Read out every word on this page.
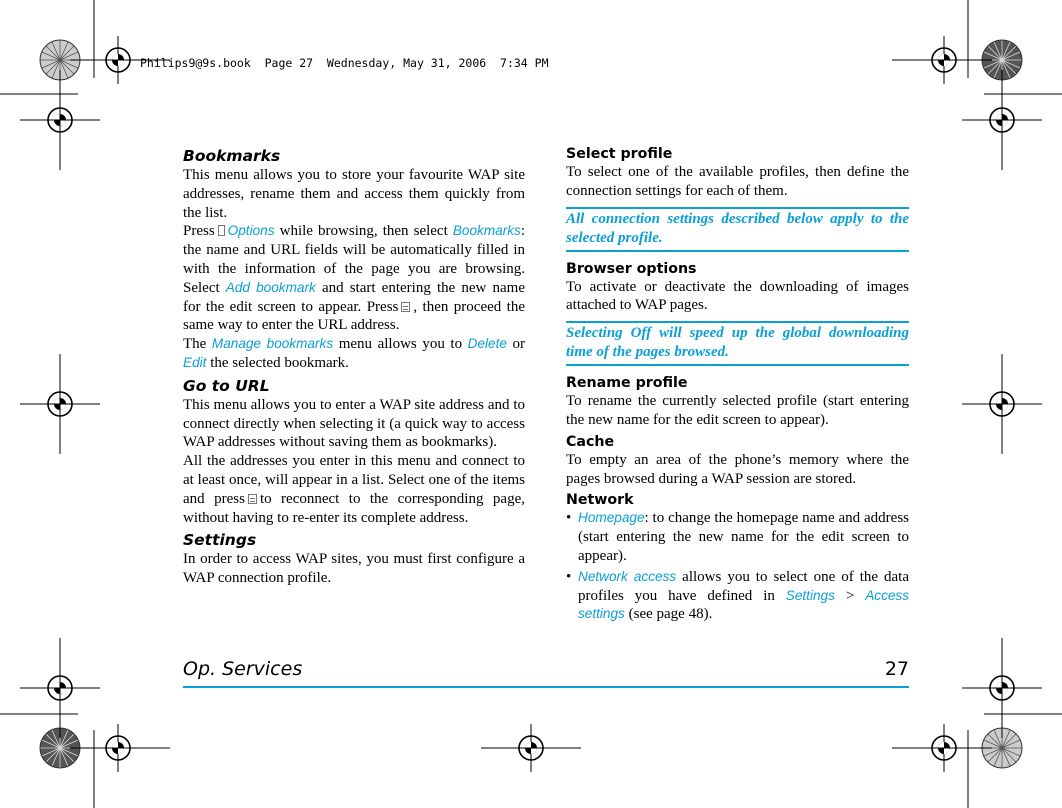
Philips9@9s.book  Page 27  Wednesday, May 31, 2006  7:34 PM

Bookmarks

This menu allows you to store your favourite WAP site addresses, rename them and access them quickly from the list.

Press Options while browsing, then select Bookmarks: the name and URL fields will be automatically filled in with the information of the page you are browsing. Select Add bookmark and start entering the new name for the edit screen to appear. Press , then proceed the same way to enter the URL address.

The Manage bookmarks menu allows you to Delete or Edit the selected bookmark.

Go to URL

This menu allows you to enter a WAP site address and to connect directly when selecting it (a quick way to access WAP addresses without saving them as bookmarks).

All the addresses you enter in this menu and connect to at least once, will appear in a list. Select one of the items and press to reconnect to the corresponding page, without having to re-enter its complete address.

Settings

In order to access WAP sites, you must first configure a WAP connection profile.

Select profile

To select one of the available profiles, then define the connection settings for each of them.

All connection settings described below apply to the selected profile.

Browser options

To activate or deactivate the downloading of images attached to WAP pages.

Selecting Off will speed up the global downloading time of the pages browsed.

Rename profile

To rename the currently selected profile (start entering the new name for the edit screen to appear).

Cache

To empty an area of the phone’s memory where the pages browsed during a WAP session are stored.

Network

• Homepage: to change the homepage name and address (start entering the new name for the edit screen to appear).

• Network access allows you to select one of the data profiles you have defined in Settings > Access settings (see page 48).

Op. Services	27
